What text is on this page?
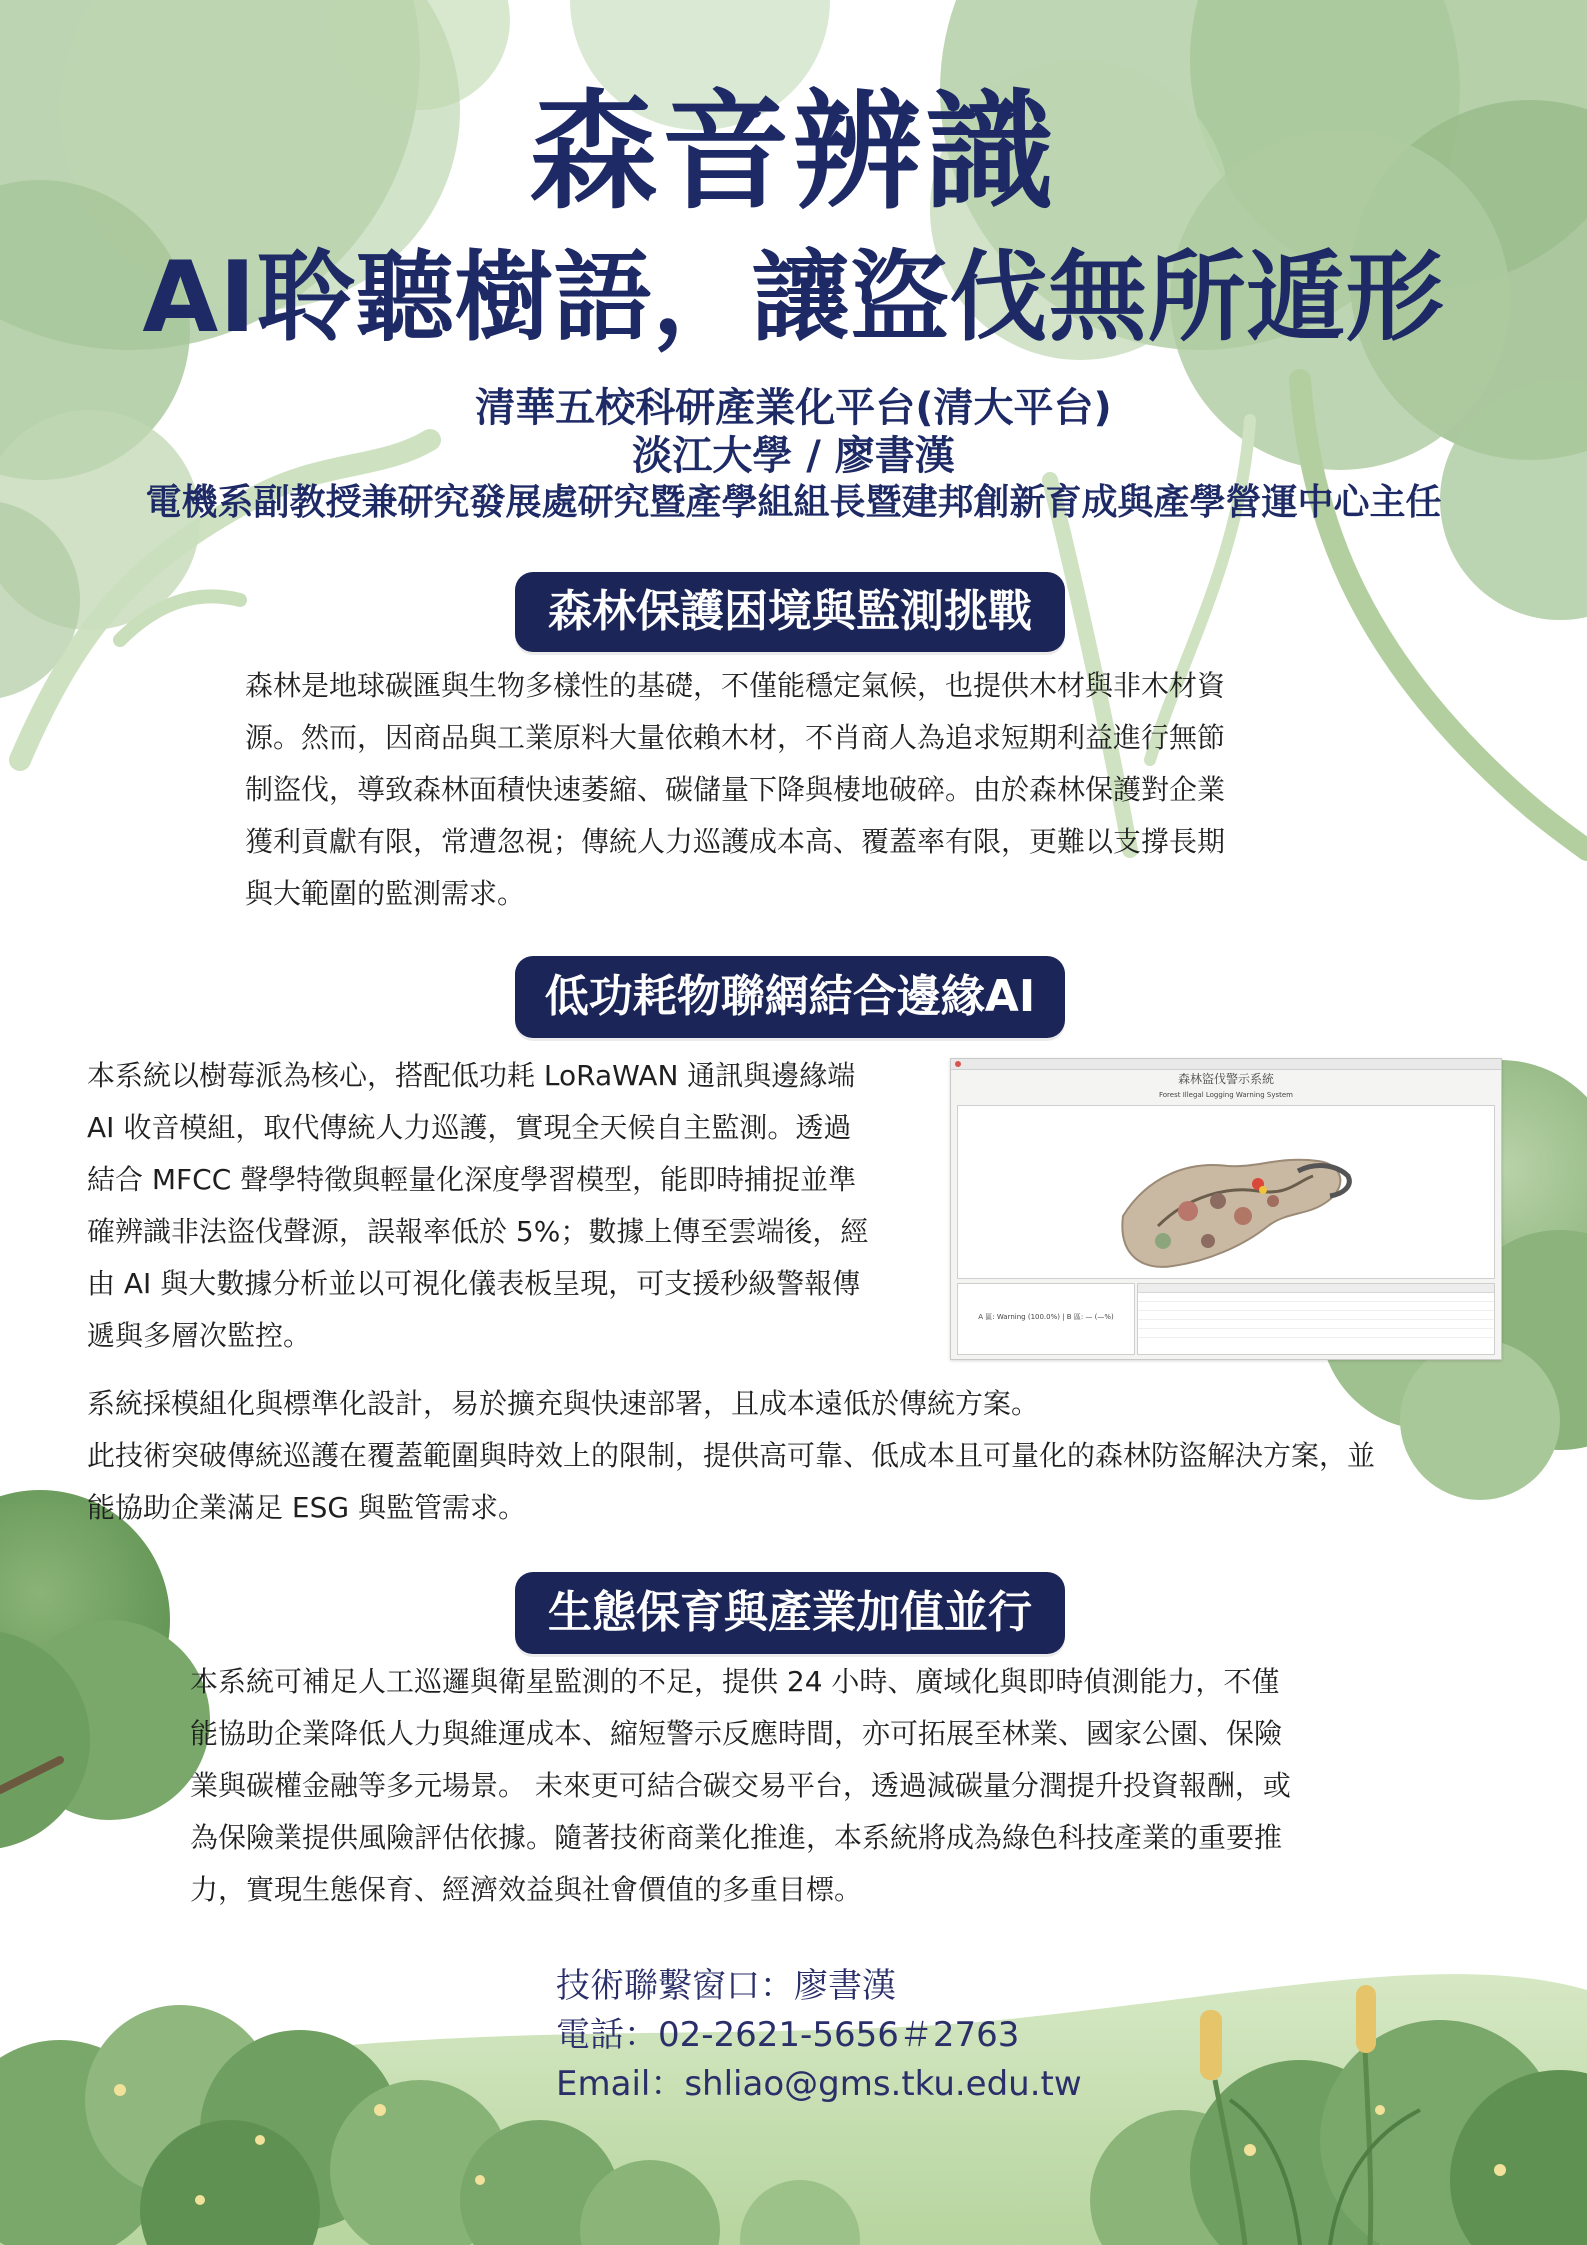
森音辨識
AI聆聽樹語，讓盜伐無所遁形
清華五校科研產業化平台(清大平台)
淡江大學 / 廖書漢
電機系副教授兼研究發展處研究暨產學組組長暨建邦創新育成與產學營運中心主任
森林保護困境與監測挑戰
森林是地球碳匯與生物多樣性的基礎，不僅能穩定氣候，也提供木材與非木材資
源。然而，因商品與工業原料大量依賴木材，不肖商人為追求短期利益進行無節
制盜伐，導致森林面積快速萎縮、碳儲量下降與棲地破碎。由於森林保護對企業
獲利貢獻有限，常遭忽視；傳統人力巡護成本高、覆蓋率有限，更難以支撐長期
與大範圍的監測需求。
低功耗物聯網結合邊緣AI
本系統以樹莓派為核心，搭配低功耗 LoRaWAN 通訊與邊緣端
AI 收音模組，取代傳統人力巡護，實現全天候自主監測。透過
結合 MFCC 聲學特徵與輕量化深度學習模型，能即時捕捉並準
確辨識非法盜伐聲源，誤報率低於 5%；數據上傳至雲端後，經
由 AI 與大數據分析並以可視化儀表板呈現，可支援秒級警報傳
遞與多層次監控。
森林盜伐警示系統
Forest Illegal Logging Warning System
A 區: Warning (100.0%) | B 區: — (—%)
系統採模組化與標準化設計，易於擴充與快速部署，且成本遠低於傳統方案。
此技術突破傳統巡護在覆蓋範圍與時效上的限制，提供高可靠、低成本且可量化的森林防盜解決方案，並
能協助企業滿足 ESG 與監管需求。
生態保育與產業加值並行
本系統可補足人工巡邏與衛星監測的不足，提供 24 小時、廣域化與即時偵測能力，不僅
能協助企業降低人力與維運成本、縮短警示反應時間，亦可拓展至林業、國家公園、保險
業與碳權金融等多元場景。 未來更可結合碳交易平台，透過減碳量分潤提升投資報酬，或
為保險業提供風險評估依據。隨著技術商業化推進，本系統將成為綠色科技產業的重要推
力，實現生態保育、經濟效益與社會價值的多重目標。
技術聯繫窗口：廖書漢
電話：02-2621-5656＃2763
Email：shliao@gms.tku.edu.tw
